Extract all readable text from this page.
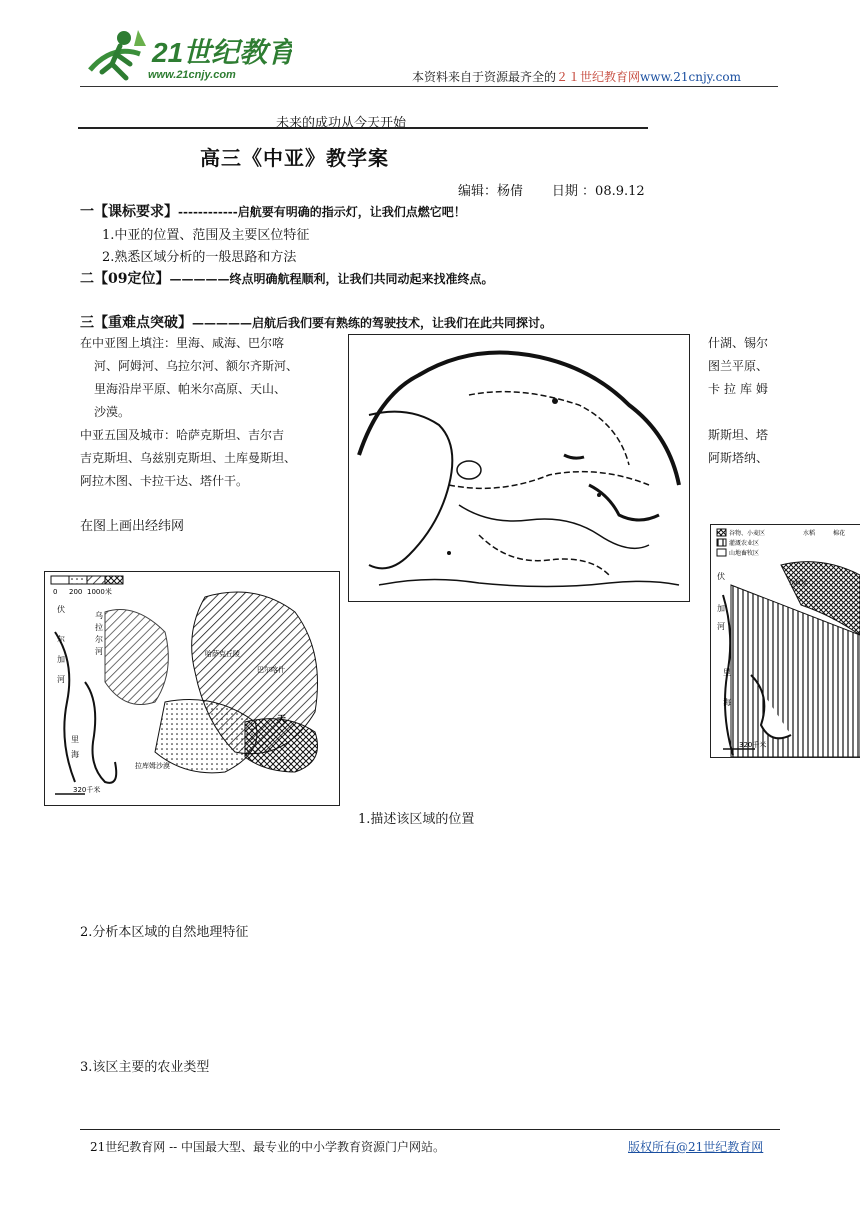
21世纪教育
www.21cnjy.com	本资料来自于资源最齐全的２１世纪教育网www.21cnjy.com
未来的成功从今天开始
高三《中亚》教学案
编辑：杨倩       日期 ：08.9.12
一【课标要求】------------启航要有明确的指示灯，让我们点燃它吧！
1.中亚的位置、范围及主要区位特征
2.熟悉区域分析的一般思路和方法
二【09定位】—————终点明确航程顺利，让我们共同动起来找准终点。
三【重难点突破】—————启航后我们要有熟练的驾驶技术，让我们在此共同探讨。
在中亚图上填注：里海、咸海、巴尔喀
河、阿姆河、乌拉尔河、额尔齐斯河、
里海沿岸平原、帕米尔高原、天山、
沙漠。
中亚五国及城市：哈萨克斯坦、吉尔吉
吉克斯坦、乌兹别克斯坦、土库曼斯坦、
阿拉木图、卡拉干达、塔什干。
在图上画出经纬网
什湖、锡尔
图兰平原、
卡拉库姆
斯斯坦、塔
阿斯塔纳、
0 200 1000米
伏
尔
加
河
乌
拉
尔
河
里
海
哈萨克丘陵
巴尔喀什
天
拉库姆沙漠
320千米
谷物、小麦区
灌溉农业区
山地畜牧区
水稻	棉花
伏
加
河
里
海
乌拉尔
320千米
1.描述该区域的位置
2.分析本区域的自然地理特征
3.该区主要的农业类型
21世纪教育网 -- 中国最大型、最专业的中小学教育资源门户网站。	版权所有@21世纪教育网
